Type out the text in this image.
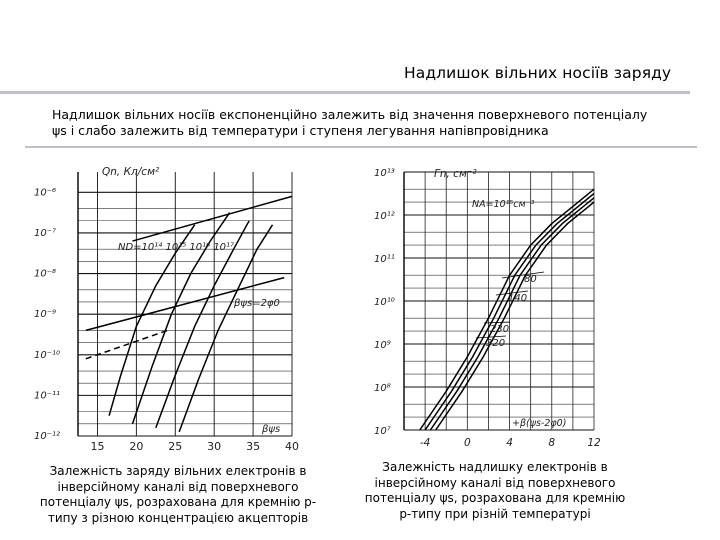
Надлишок вільних носіїв заряду
Надлишок вільних носіїв експоненційно залежить від значення поверхневого потенціалу ψs і слабо залежить від температури і ступеня легування напівпровідника
15 20 25 30 35 40
10⁻⁶
10⁻⁷
10⁻⁸
10⁻⁹
10⁻¹⁰
10⁻¹¹
10⁻¹²
Qn, Кл/см²
ND=10¹⁴ 10¹⁵ 10¹⁶ 10¹⁷
βψs=2φ0
βψs
-4	0	4	8	12
10¹³
10¹²
10¹¹
10¹⁰
10⁹
10⁸
10⁷
Γn, см⁻²
NA=10¹⁵см⁻³
+β(ψs-2φ0)
80
140
230
320
Залежність заряду вільних електронів в інверсійному каналі від поверхневого потенціалу ψs, розрахована для кремнію р-типу з різною концентрацією акцепторів
Залежність надлишку електронів в інверсійному каналі від поверхневого потенціалу ψs, розрахована для кремнію р-типу при різній температурі
